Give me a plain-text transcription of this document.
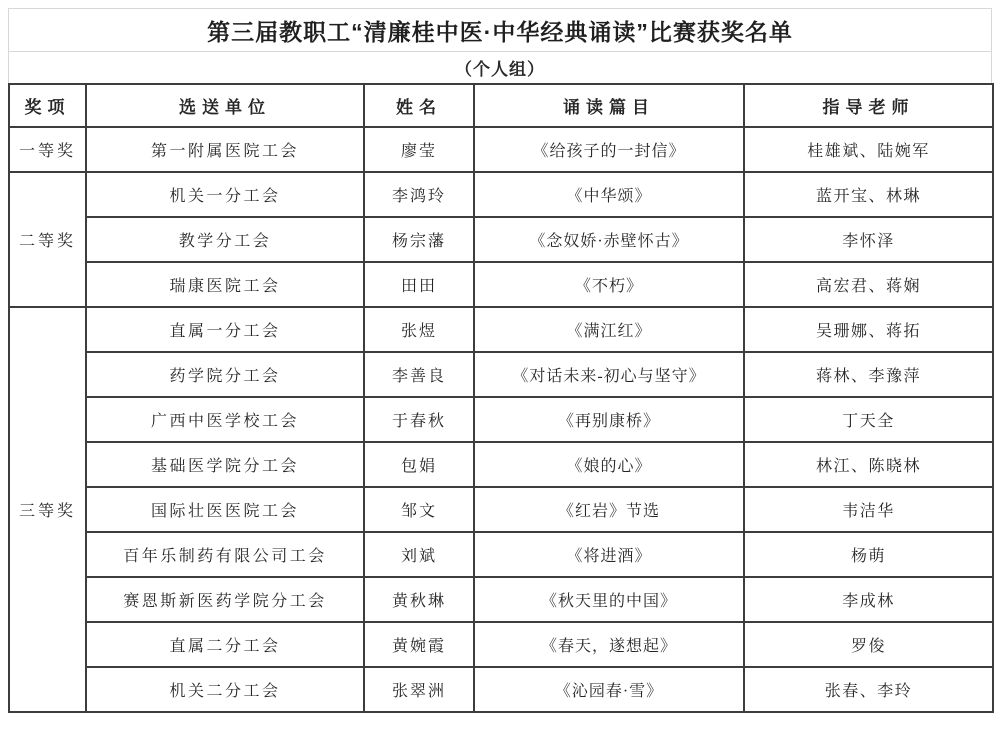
第三届教职工“清廉桂中医·中华经典诵读”比赛获奖名单
（个人组）
奖项	选送单位	姓名	诵读篇目	指导老师
一等奖	第一附属医院工会	廖莹	《给孩子的一封信》	桂雄斌、陆婉军
二等奖	机关一分工会	李鸿玲	《中华颂》	蓝开宝、林琳
	教学分工会	杨宗藩	《念奴娇·赤壁怀古》	李怀泽
	瑞康医院工会	田田	《不朽》	高宏君、蒋娴
三等奖	直属一分工会	张煜	《满江红》	吴珊娜、蒋拓
	药学院分工会	李善良	《对话未来-初心与坚守》	蒋林、李豫萍
	广西中医学校工会	于春秋	《再别康桥》	丁天全
	基础医学院分工会	包娟	《娘的心》	林江、陈晓林
	国际壮医医院工会	邹文	《红岩》节选	韦洁华
	百年乐制药有限公司工会	刘斌	《将进酒》	杨萌
	赛恩斯新医药学院分工会	黄秋琳	《秋天里的中国》	李成林
	直属二分工会	黄婉霞	《春天，遂想起》	罗俊
	机关二分工会	张翠洲	《沁园春·雪》	张春、李玲
